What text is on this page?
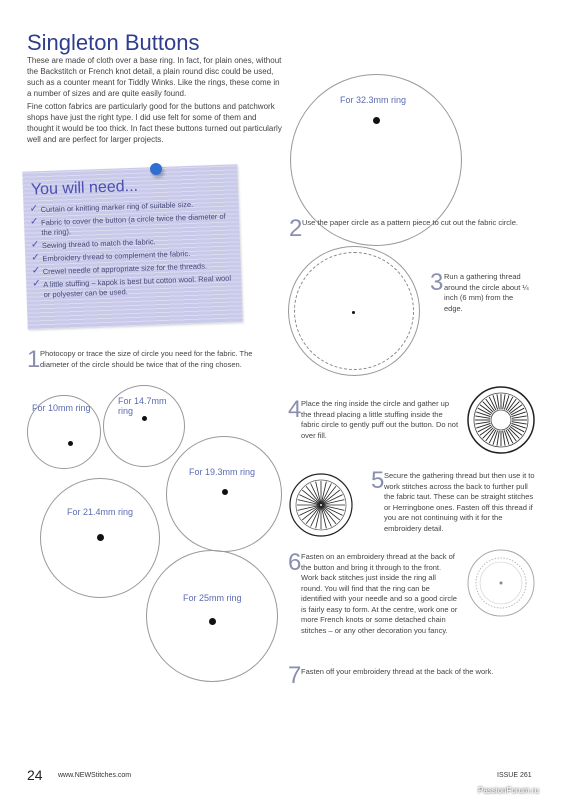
Singleton Buttons
These are made of cloth over a base ring. In fact, for plain ones, without the Backstitch or French knot detail, a plain round disc could be used, such as a counter meant for Tiddly Winks. Like the rings, these come in a number of sizes and are quite easily found.
Fine cotton fabrics are particularly good for the buttons and patchwork shops have just the right type. I did use felt for some of them and thought it would be too thick. In fact these buttons turned out particularly well and are perfect for larger projects.
You will need...
✓ Curtain or knitting marker ring of suitable size.
✓ Fabric to cover the button (a circle twice the diameter of the ring).
✓ Sewing thread to match the fabric.
✓ Embroidery thread to complement the fabric.
✓ Crewel needle of appropriate size for the threads.
✓ A little stuffing – kapok is best but cotton wool. Real wool or polyester can be used.
For 32.3mm ring
2 Use the paper circle as a pattern piece to cut out the fabric circle.
3 Run a gathering thread around the circle about ¼ inch (6 mm) from the edge.
1 Photocopy or trace the size of circle you need for the fabric. The diameter of the circle should be twice that of the ring chosen.
For 10mm ring
For 14.7mm ring
For 19.3mm ring
For 21.4mm ring
For 25mm ring
4 Place the ring inside the circle and gather up the thread placing a little stuffing inside the fabric circle to gently puff out the button. Do not over fill.
5 Secure the gathering thread but then use it to work stitches across the back to further pull the fabric taut. These can be straight stitches or Herringbone ones. Fasten off this thread if you are not continuing with it for the embroidery detail.
6 Fasten on an embroidery thread at the back of the button and bring it through to the front. Work back stitches just inside the ring all round. You will find that the ring can be identified with your needle and so a good circle is fairly easy to form. At the centre, work one or more French knots or some detached chain stitches – or any other decoration you fancy.
7 Fasten off your embroidery thread at the back of the work.
24 www.NEWStitches.com	ISSUE 261
PassionForum.ru
